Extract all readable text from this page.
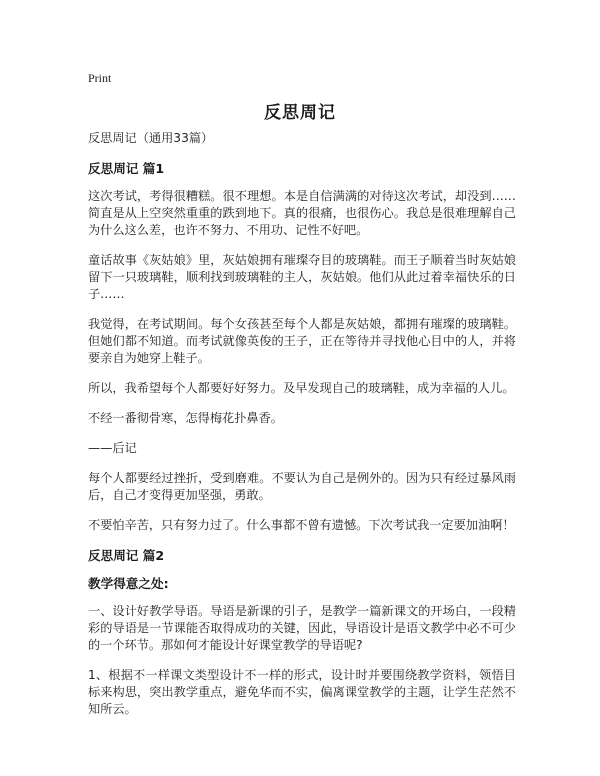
Print
反思周记

反思周记（通用33篇）

反思周记 篇1

这次考试，考得很糟糕。很不理想。本是自信满满的对待这次考试，却没到……简直是从上空突然重重的跌到地下。真的很痛，也很伤心。我总是很难理解自己为什么这么差，也许不努力、不用功、记性不好吧。

童话故事《灰姑娘》里，灰姑娘拥有璀璨夺目的玻璃鞋。而王子顺着当时灰姑娘留下一只玻璃鞋，顺利找到玻璃鞋的主人，灰姑娘。他们从此过着幸福快乐的日子……

我觉得，在考试期间。每个女孩甚至每个人都是灰姑娘，都拥有璀璨的玻璃鞋。但她们都不知道。而考试就像英俊的王子，正在等待并寻找他心目中的人，并将要亲自为她穿上鞋子。

所以，我希望每个人都要好好努力。及早发现自己的玻璃鞋，成为幸福的人儿。

不经一番彻骨寒，怎得梅花扑鼻香。

——后记

每个人都要经过挫折，受到磨难。不要认为自己是例外的。因为只有经过暴风雨后，自己才变得更加坚强，勇敢。

不要怕辛苦，只有努力过了。什么事都不曾有遗憾。下次考试我一定要加油啊！

反思周记 篇2
教学得意之处:

一、设计好教学导语。导语是新课的引子，是教学一篇新课文的开场白，一段精彩的导语是一节课能否取得成功的关键，因此，导语设计是语文教学中必不可少的一个环节。那如何才能设计好课堂教学的导语呢?

1、根据不一样课文类型设计不一样的形式，设计时并要围绕教学资料，领悟目标来构思，突出教学重点，避免华而不实，偏离课堂教学的主题，让学生茫然不知所云。
